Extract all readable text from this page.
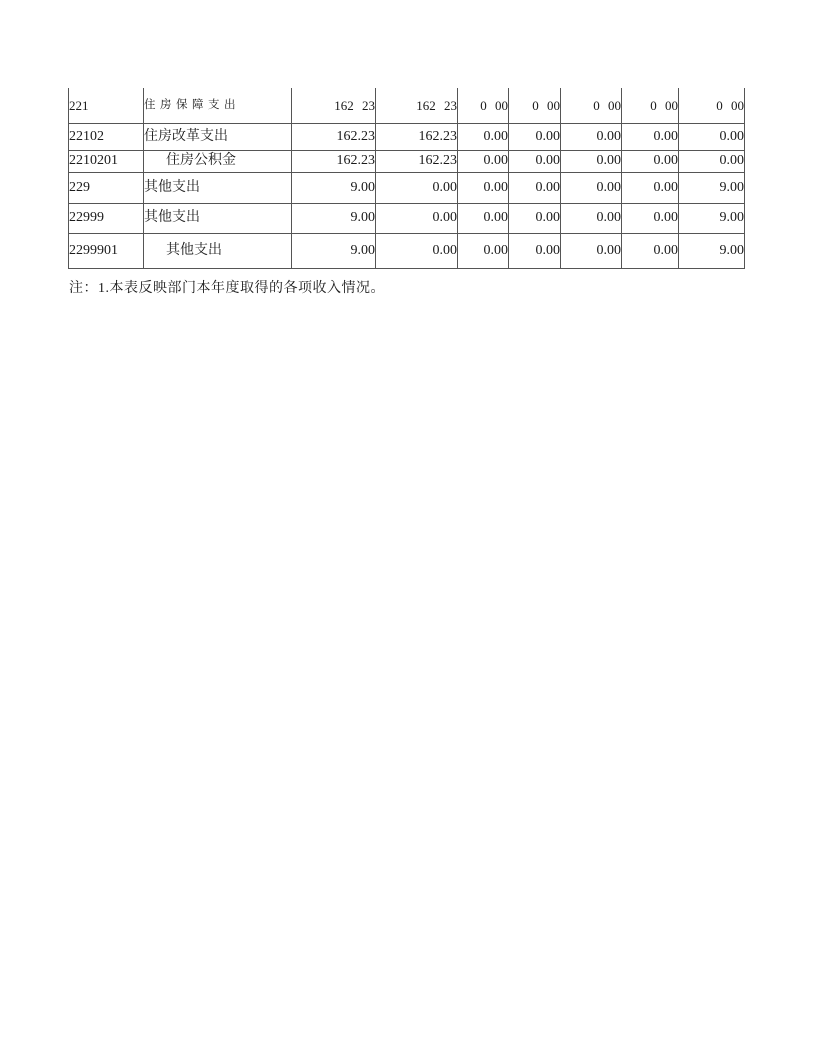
221	住房保障支出	162 23	162 23	0 00	0 00	0 00	0 00	0 00
22102	住房改革支出	162.23	162.23	0.00	0.00	0.00	0.00	0.00
2210201	住房公积金	162.23	162.23	0.00	0.00	0.00	0.00	0.00
229	其他支出	9.00	0.00	0.00	0.00	0.00	0.00	9.00
22999	其他支出	9.00	0.00	0.00	0.00	0.00	0.00	9.00
2299901	其他支出	9.00	0.00	0.00	0.00	0.00	0.00	9.00
注：1.本表反映部门本年度取得的各项收入情况。
